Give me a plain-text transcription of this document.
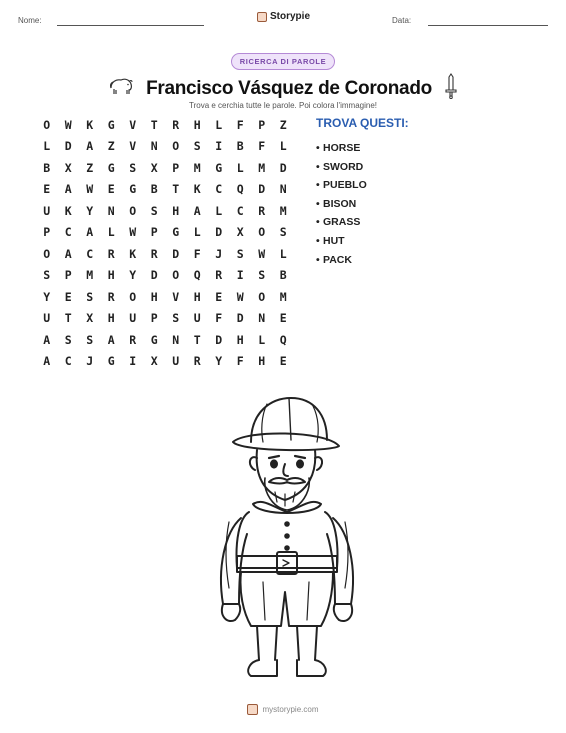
Nome:	Storypie	Data:
RICERCA DI PAROLE
Francisco Vásquez de Coronado
Trova e cerchia tutte le parole. Poi colora l'immagine!
O	W	K	G	V	T	R	H	L	F	P	Z
L	D	A	Z	V	N	O	S	I	B	F	L
B	X	Z	G	S	X	P	M	G	L	M	D
E	A	W	E	G	B	T	K	C	Q	D	N
U	K	Y	N	O	S	H	A	L	C	R	M
P	C	A	L	W	P	G	L	D	X	O	S
O	A	C	R	K	R	D	F	J	S	W	L
S	P	M	H	Y	D	O	Q	R	I	S	B
Y	E	S	R	O	H	V	H	E	W	O	M
U	T	X	H	U	P	S	U	F	D	N	E
A	S	S	A	R	G	N	T	D	H	L	Q
A	C	J	G	I	X	U	R	Y	F	H	E
TROVA QUESTI:
• HORSE
• SWORD
• PUEBLO
• BISON
• GRASS
• HUT
• PACK
mystorypie.com
